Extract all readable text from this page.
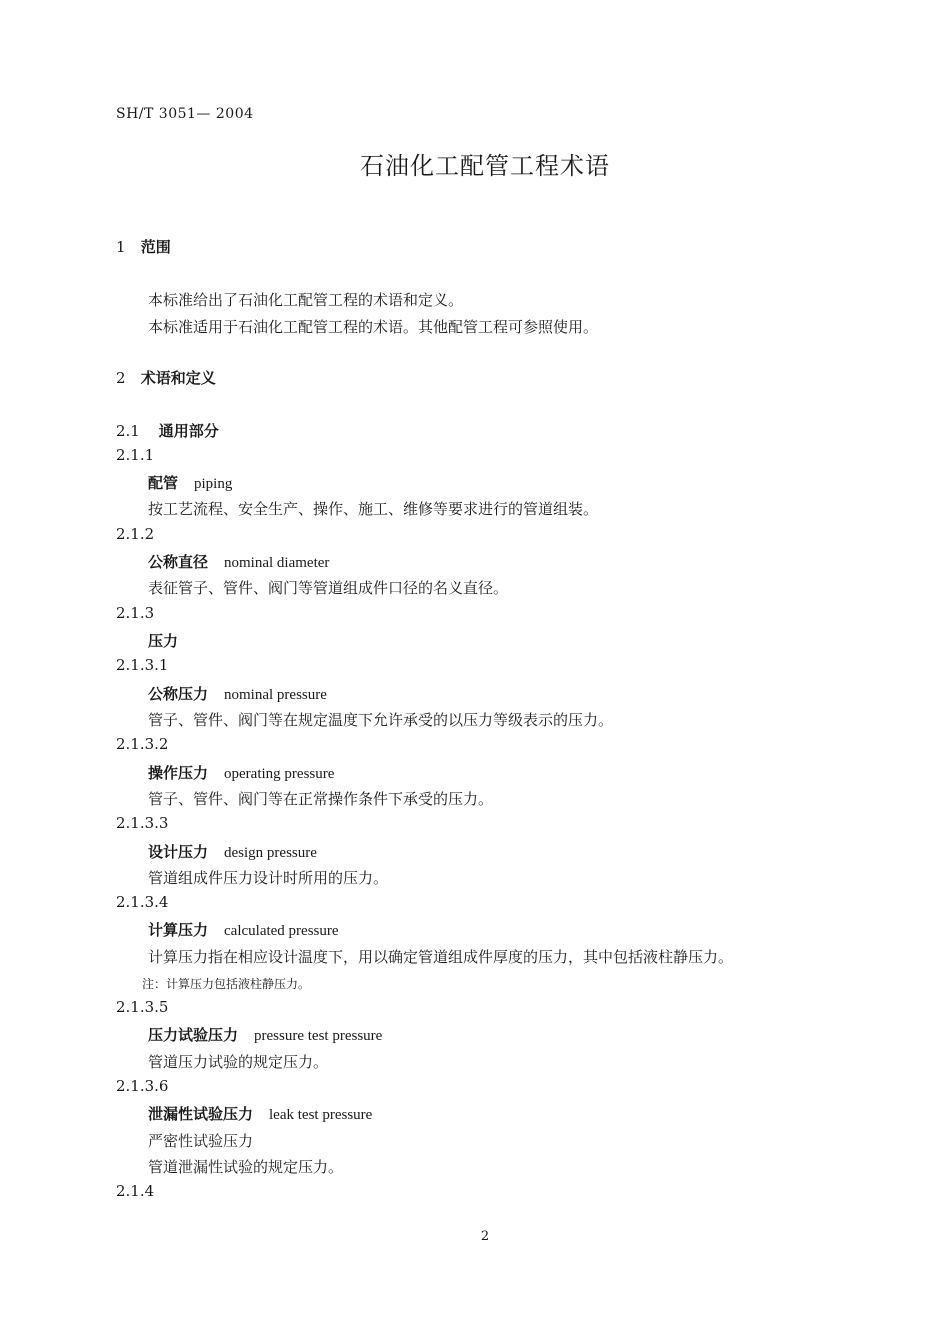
SH/T 3051— 2004
石油化工配管工程术语
1 范围
本标准给出了石油化工配管工程的术语和定义。
本标准适用于石油化工配管工程的术语。其他配管工程可参照使用。
2 术语和定义
2.1 通用部分
2.1.1
配管 piping
按工艺流程、安全生产、操作、施工、维修等要求进行的管道组装。
2.1.2
公称直径 nominal diameter
表征管子、管件、阀门等管道组成件口径的名义直径。
2.1.3
压力
2.1.3.1
公称压力 nominal pressure
管子、管件、阀门等在规定温度下允许承受的以压力等级表示的压力。
2.1.3.2
操作压力 operating pressure
管子、管件、阀门等在正常操作条件下承受的压力。
2.1.3.3
设计压力 design pressure
管道组成件压力设计时所用的压力。
2.1.3.4
计算压力 calculated pressure
计算压力指在相应设计温度下，用以确定管道组成件厚度的压力，其中包括液柱静压力。
注：计算压力包括液柱静压力。
2.1.3.5
压力试验压力 pressure test pressure
管道压力试验的规定压力。
2.1.3.6
泄漏性试验压力 leak test pressure
严密性试验压力
管道泄漏性试验的规定压力。
2.1.4
2
